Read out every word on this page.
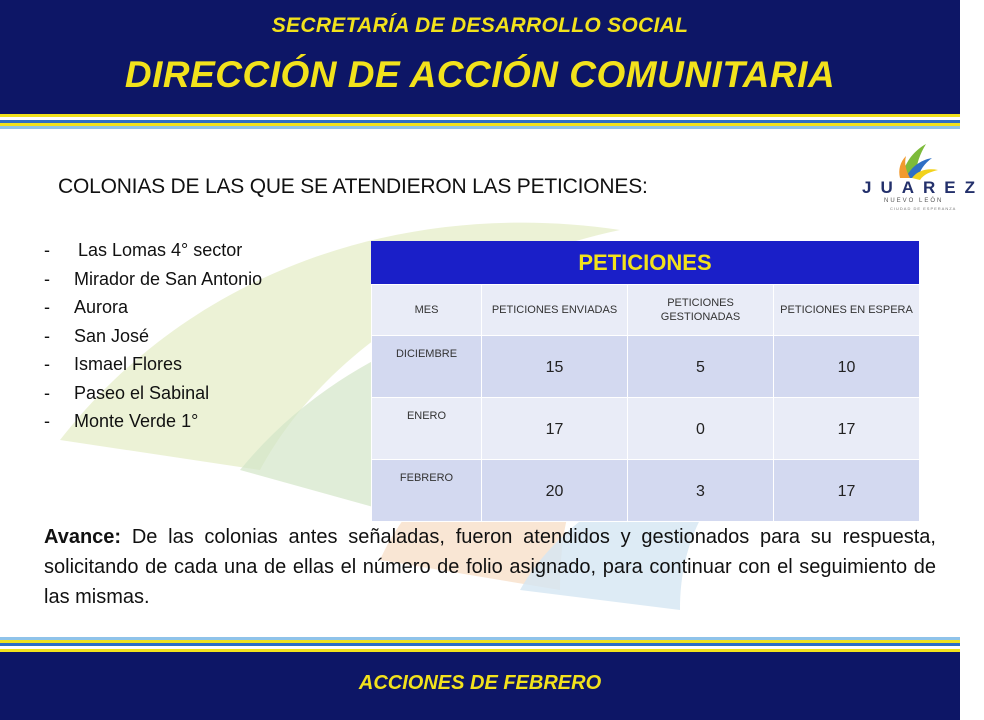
SECRETARÍA DE DESARROLLO SOCIAL
DIRECCIÓN DE ACCIÓN COMUNITARIA
COLONIAS DE LAS QUE SE ATENDIERON LAS PETICIONES:	JUAREZ
NUEVO LEÓN
CIUDAD DE ESPERANZA
-Las Lomas 4° sector
- Mirador de San Antonio
- Aurora
- San José
- Ismael Flores
- Paseo el Sabinal
- Monte Verde 1°
PETICIONES
MES	PETICIONES ENVIADAS	PETICIONES GESTIONADAS	PETICIONES EN ESPERA
DICIEMBRE	15	5	10
ENERO	17	0	17
FEBRERO	20	3	17
Avance: De las colonias antes señaladas, fueron atendidos y gestionados para su respuesta, solicitando de cada una de ellas el número de folio asignado, para continuar con el seguimiento de las mismas.
ACCIONES DE FEBRERO
